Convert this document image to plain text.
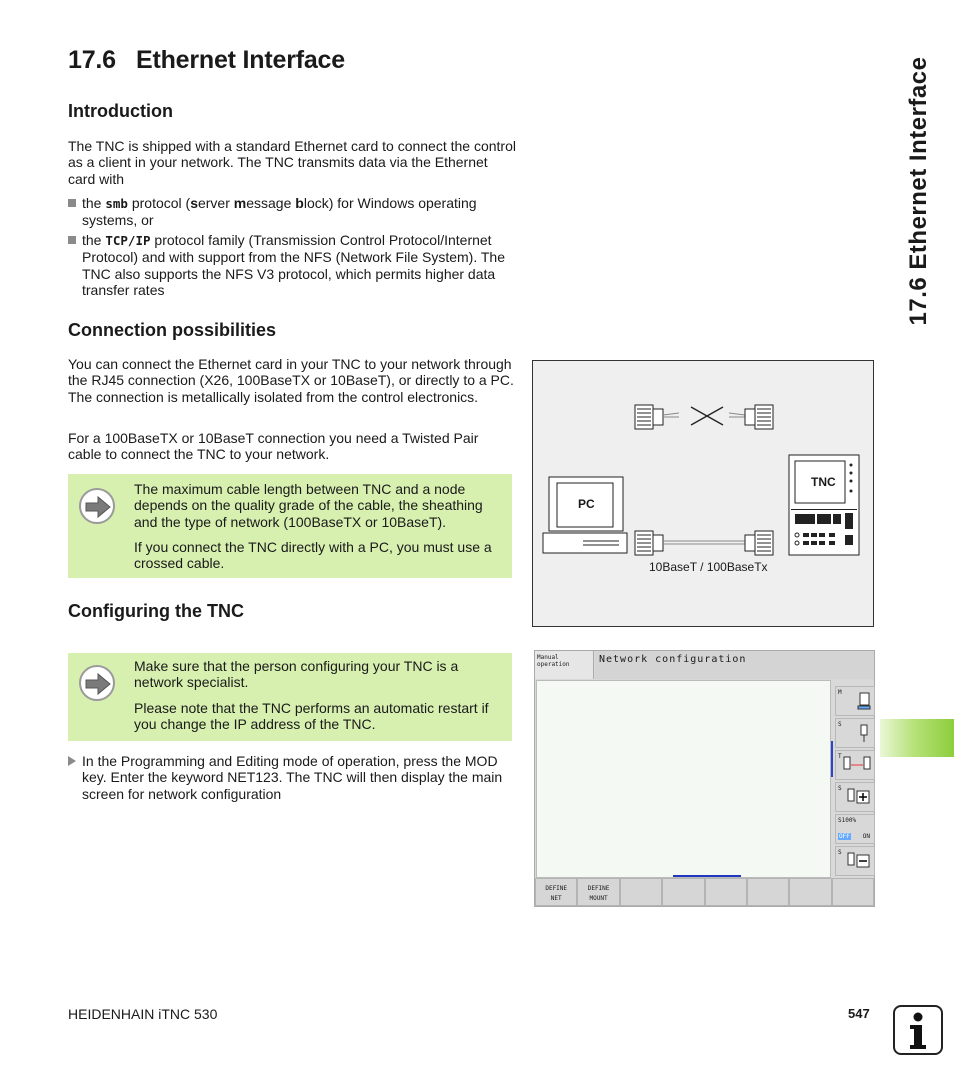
17.6 Ethernet Interface	17.6 Ethernet Interface
Introduction

The TNC is shipped with a standard Ethernet card to connect the control as a client in your network. The TNC transmits data via the Ethernet card with

the smb protocol (server message block) for Windows operating systems, or
the TCP/IP protocol family (Transmission Control Protocol/Internet Protocol) and with support from the NFS (Network File System). The TNC also supports the NFS V3 protocol, which permits higher data transfer rates
Connection possibilities

You can connect the Ethernet card in your TNC to your network through the RJ45 connection (X26, 100BaseTX or 10BaseT), or directly to a PC. The connection is metallically isolated from the control electronics.

For a 100BaseTX or 10BaseT connection you need a Twisted Pair cable to connect the TNC to your network.

The maximum cable length between TNC and a node depends on the quality grade of the cable, the sheathing and the type of network (100BaseTX or 10BaseT).

If you connect the TNC directly with a PC, you must use a crossed cable.

PC
TNC
10BaseT / 100BaseTx
Configuring the TNC

Make sure that the person configuring your TNC is a network specialist.

Please note that the TNC performs an automatic restart if you change the IP address of the TNC.

In the Programming and Editing mode of operation, press the MOD key. Enter the keyword NET123. The TNC will then display the main screen for network configuration
Manual
operation	Network configuration
M
S
T
S
S100%
OFF ON
S
DEFINE
NET
DEFINE
MOUNT
HEIDENHAIN iTNC 530	547
